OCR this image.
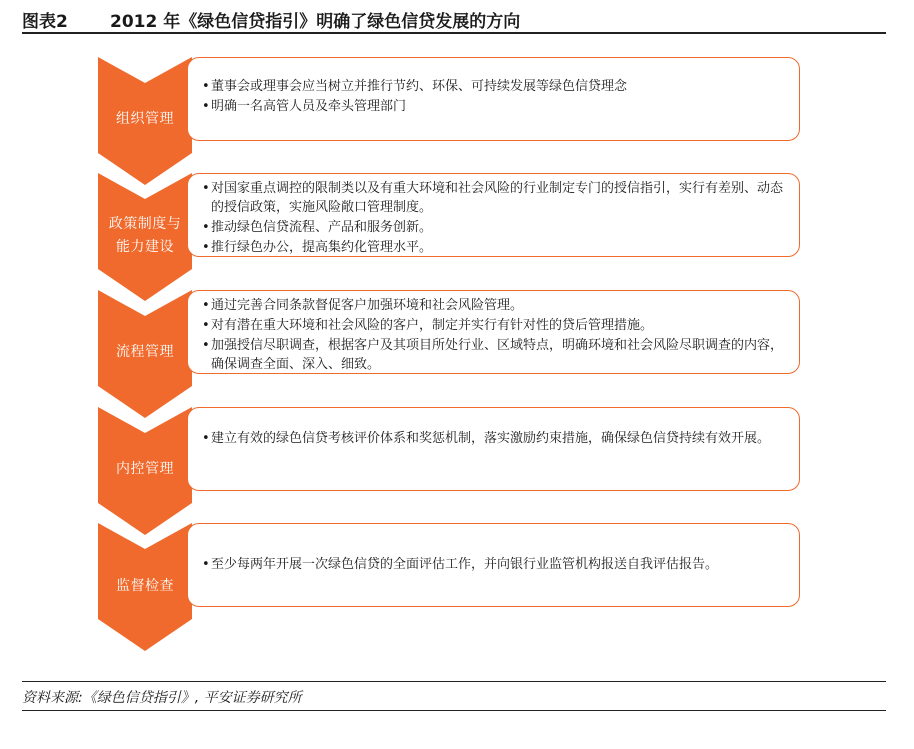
图表2 2012 年《绿色信贷指引》明确了绿色信贷发展的方向
组织管理
• 董事会或理事会应当树立并推行节约、环保、可持续发展等绿色信贷理念
• 明确一名高管人员及牵头管理部门
政策制度与能力建设
• 对国家重点调控的限制类以及有重大环境和社会风险的行业制定专门的授信指引，实行有差别、动态的授信政策，实施风险敞口管理制度。
• 推动绿色信贷流程、产品和服务创新。
• 推行绿色办公，提高集约化管理水平。
流程管理
• 通过完善合同条款督促客户加强环境和社会风险管理。
• 对有潜在重大环境和社会风险的客户，制定并实行有针对性的贷后管理措施。
• 加强授信尽职调查，根据客户及其项目所处行业、区域特点，明确环境和社会风险尽职调查的内容，确保调查全面、深入、细致。
内控管理
• 建立有效的绿色信贷考核评价体系和奖惩机制，落实激励约束措施，确保绿色信贷持续有效开展。
监督检查
• 至少每两年开展一次绿色信贷的全面评估工作，并向银行业监管机构报送自我评估报告。
资料来源:《绿色信贷指引》, 平安证券研究所
